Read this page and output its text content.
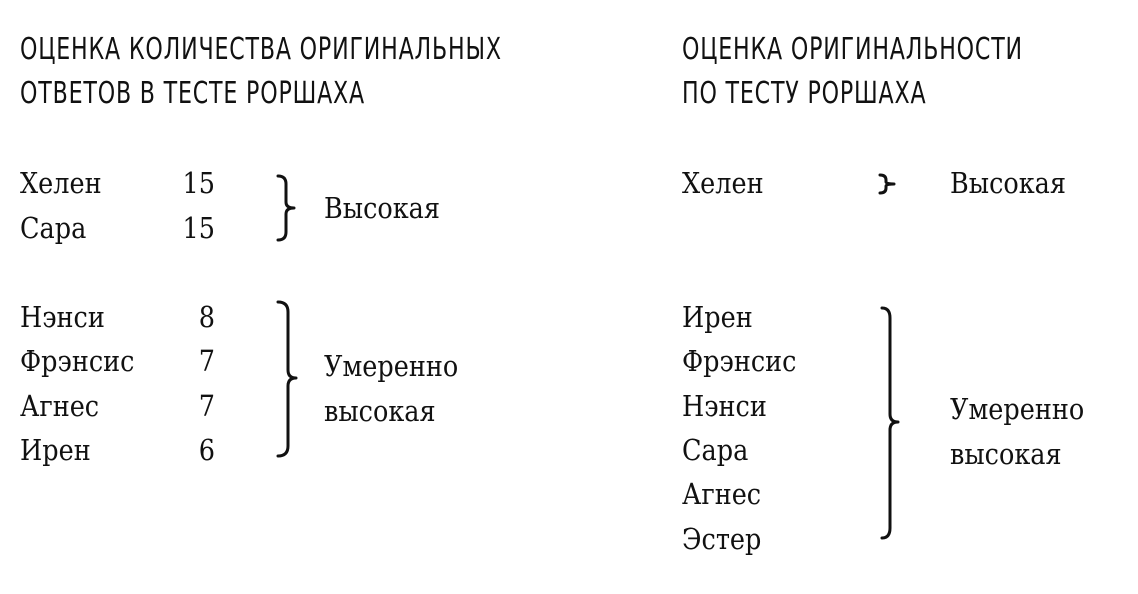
ОЦЕНКА КОЛИЧЕСТВА ОРИГИНАЛЬНЫХ
ОТВЕТОВ В ТЕСТЕ РОРШАХА
Хелен	15
Сара	15
Высокая
Нэнси	8
Фрэнсис	7
Агнес	7
Ирен	6
Умеренно
высокая
ОЦЕНКА ОРИГИНАЛЬНОСТИ
ПО ТЕСТУ РОРШАХА
Хелен	Высокая
Ирен
Фрэнсис
Нэнси
Сара
Агнес
Эстер
Умеренно
высокая
